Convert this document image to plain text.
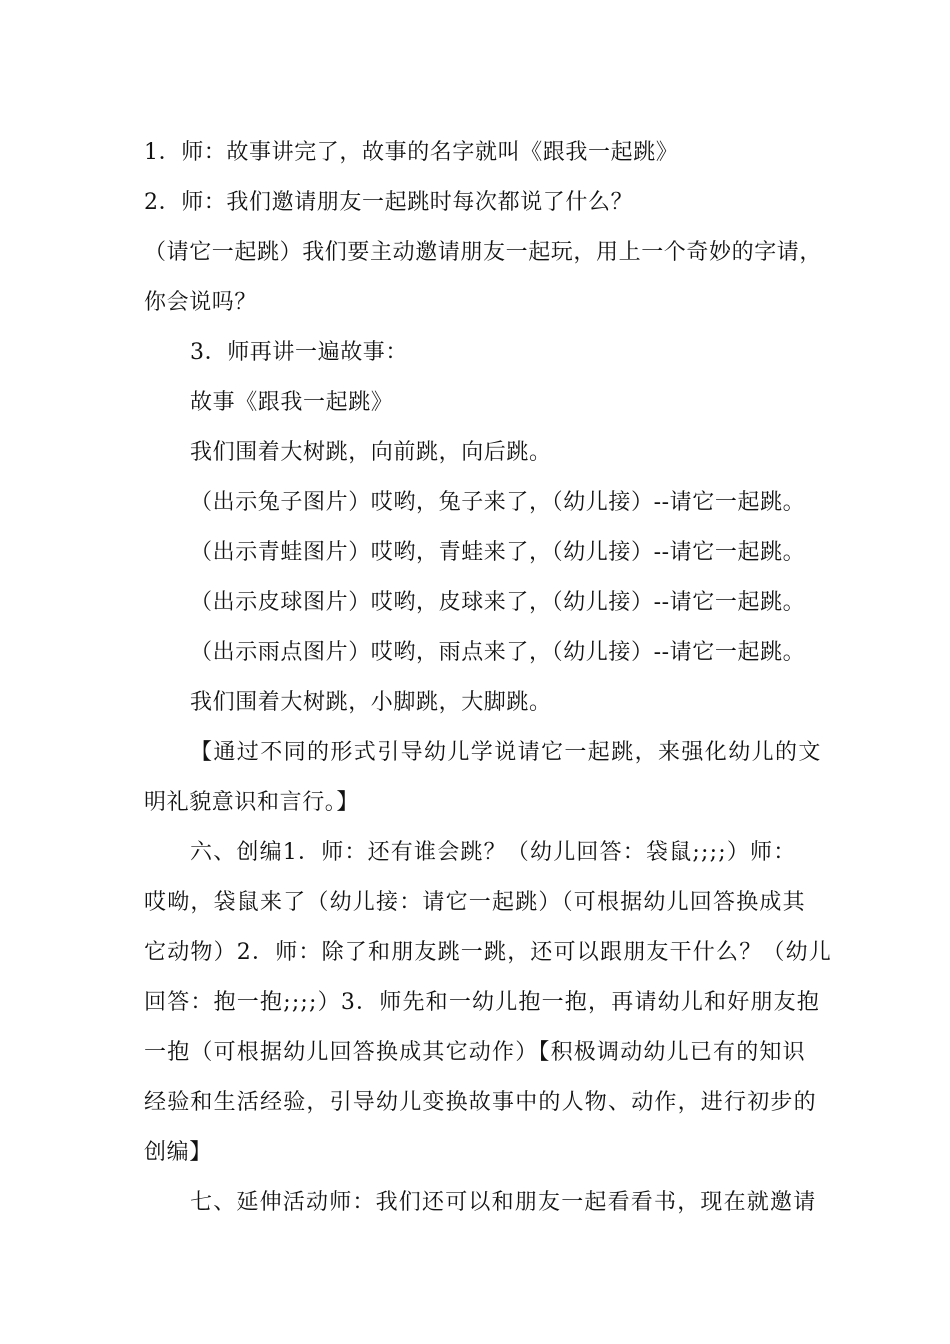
1．师：故事讲完了，故事的名字就叫《跟我一起跳》
2．师：我们邀请朋友一起跳时每次都说了什么？
（请它一起跳）我们要主动邀请朋友一起玩，用上一个奇妙的字请，
你会说吗？
3．师再讲一遍故事：
故事《跟我一起跳》
我们围着大树跳，向前跳，向后跳。
（出示兔子图片）哎哟，兔子来了，（幼儿接）--请它一起跳。
（出示青蛙图片）哎哟，青蛙来了，（幼儿接）--请它一起跳。
（出示皮球图片）哎哟，皮球来了，（幼儿接）--请它一起跳。
（出示雨点图片）哎哟，雨点来了，（幼儿接）--请它一起跳。
我们围着大树跳，小脚跳，大脚跳。
【通过不同的形式引导幼儿学说请它一起跳，来强化幼儿的文
明礼貌意识和言行。】
六、创编1．师：还有谁会跳？（幼儿回答：袋鼠;;;;）师：
哎呦，袋鼠来了（幼儿接：请它一起跳）（可根据幼儿回答换成其
它动物）2．师：除了和朋友跳一跳，还可以跟朋友干什么？（幼儿
回答：抱一抱;;;;）3．师先和一幼儿抱一抱，再请幼儿和好朋友抱
一抱（可根据幼儿回答换成其它动作）【积极调动幼儿已有的知识
经验和生活经验，引导幼儿变换故事中的人物、动作，进行初步的
创编】
七、延伸活动师：我们还可以和朋友一起看看书，现在就邀请
